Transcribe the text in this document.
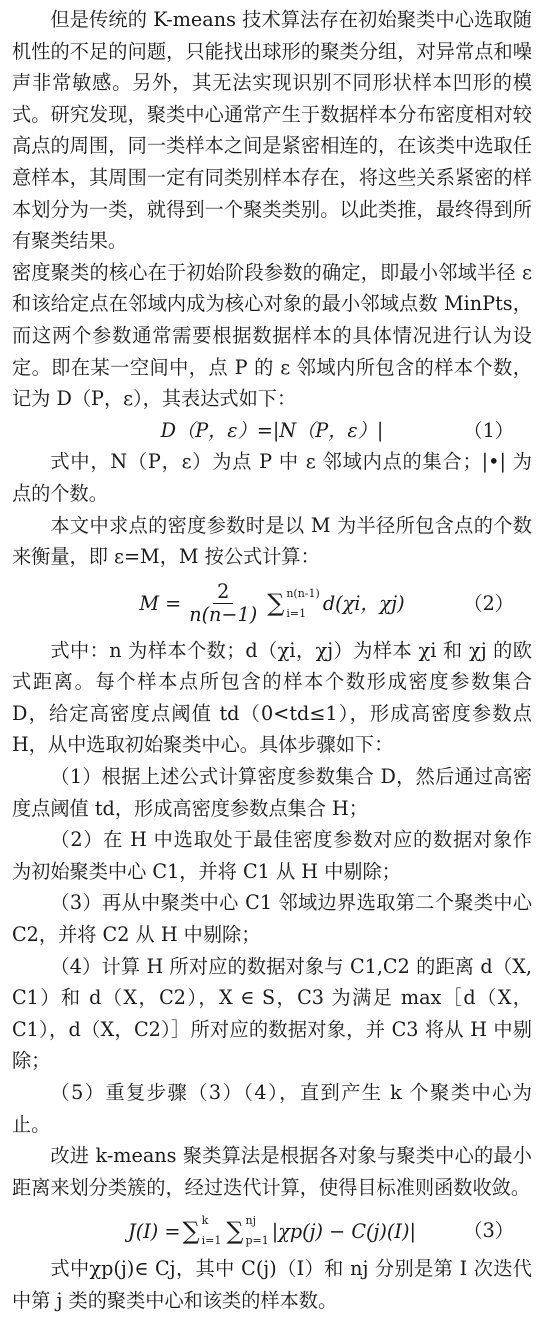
但是传统的 K-means 技术算法存在初始聚类中心选取随机性的不足的问题，只能找出球形的聚类分组，对异常点和噪声非常敏感。另外，其无法实现识别不同形状样本凹形的模式。研究发现，聚类中心通常产生于数据样本分布密度相对较高点的周围，同一类样本之间是紧密相连的，在该类中选取任意样本，其周围一定有同类别样本存在，将这些关系紧密的样本划分为一类，就得到一个聚类类别。以此类推，最终得到所有聚类结果。

密度聚类的核心在于初始阶段参数的确定，即最小邻域半径 ε 和该给定点在邻域内成为核心对象的最小邻域点数 MinPts，而这两个参数通常需要根据数据样本的具体情况进行认为设定。即在某一空间中，点 P 的 ε 邻域内所包含的样本个数，记为 D（P，ε），其表达式如下：

D（P，ε）=|N（P，ε）|	（1）

式中，N（P，ε）为点 P 中 ε 邻域内点的集合；|•| 为点的个数。

本文中求点的密度参数时是以 M 为半径所包含点的个数来衡量，即 ε=M，M 按公式计算：

$M = \frac{2}{n(n-1)}$ ∑ n(n-1)
i=1 d(χi，χj)	（2）

式中：n 为样本个数；d（χi，χj）为样本 χi 和 χj 的欧式距离。每个样本点所包含的样本个数形成密度参数集合 D，给定高密度点阈值 td（0<td≤1），形成高密度参数点 H，从中选取初始聚类中心。具体步骤如下：

（1）根据上述公式计算密度参数集合 D，然后通过高密度点阈值 td，形成高密度参数点集合 H；

（2）在 H 中选取处于最佳密度参数对应的数据对象作为初始聚类中心 C1，并将 C1 从 H 中剔除；

（3）再从中聚类中心 C1 邻域边界选取第二个聚类中心 C2，并将 C2 从 H 中剔除；

（4）计算 H 所对应的数据对象与 C1,C2 的距离 d（X, C1）和 d（X，C2），X ∈ S，C3 为满足 max［d（X，C1），d（X，C2）］所对应的数据对象，并 C3 将从 H 中剔除；

（5）重复步骤（3）（4），直到产生 k 个聚类中心为止。

改进 k-means 聚类算法是根据各对象与聚类中心的最小距离来划分类簇的，经过迭代计算，使得目标准则函数收敛。

J(I) = ∑ k
i=1 ∑ nj
p=1 |χp(j) − C(j)(I)| （3）

式中χp(j)∈ Cj，其中 C(j)（I）和 nj 分别是第 I 次迭代中第 j 类的聚类中心和该类的样本数。
